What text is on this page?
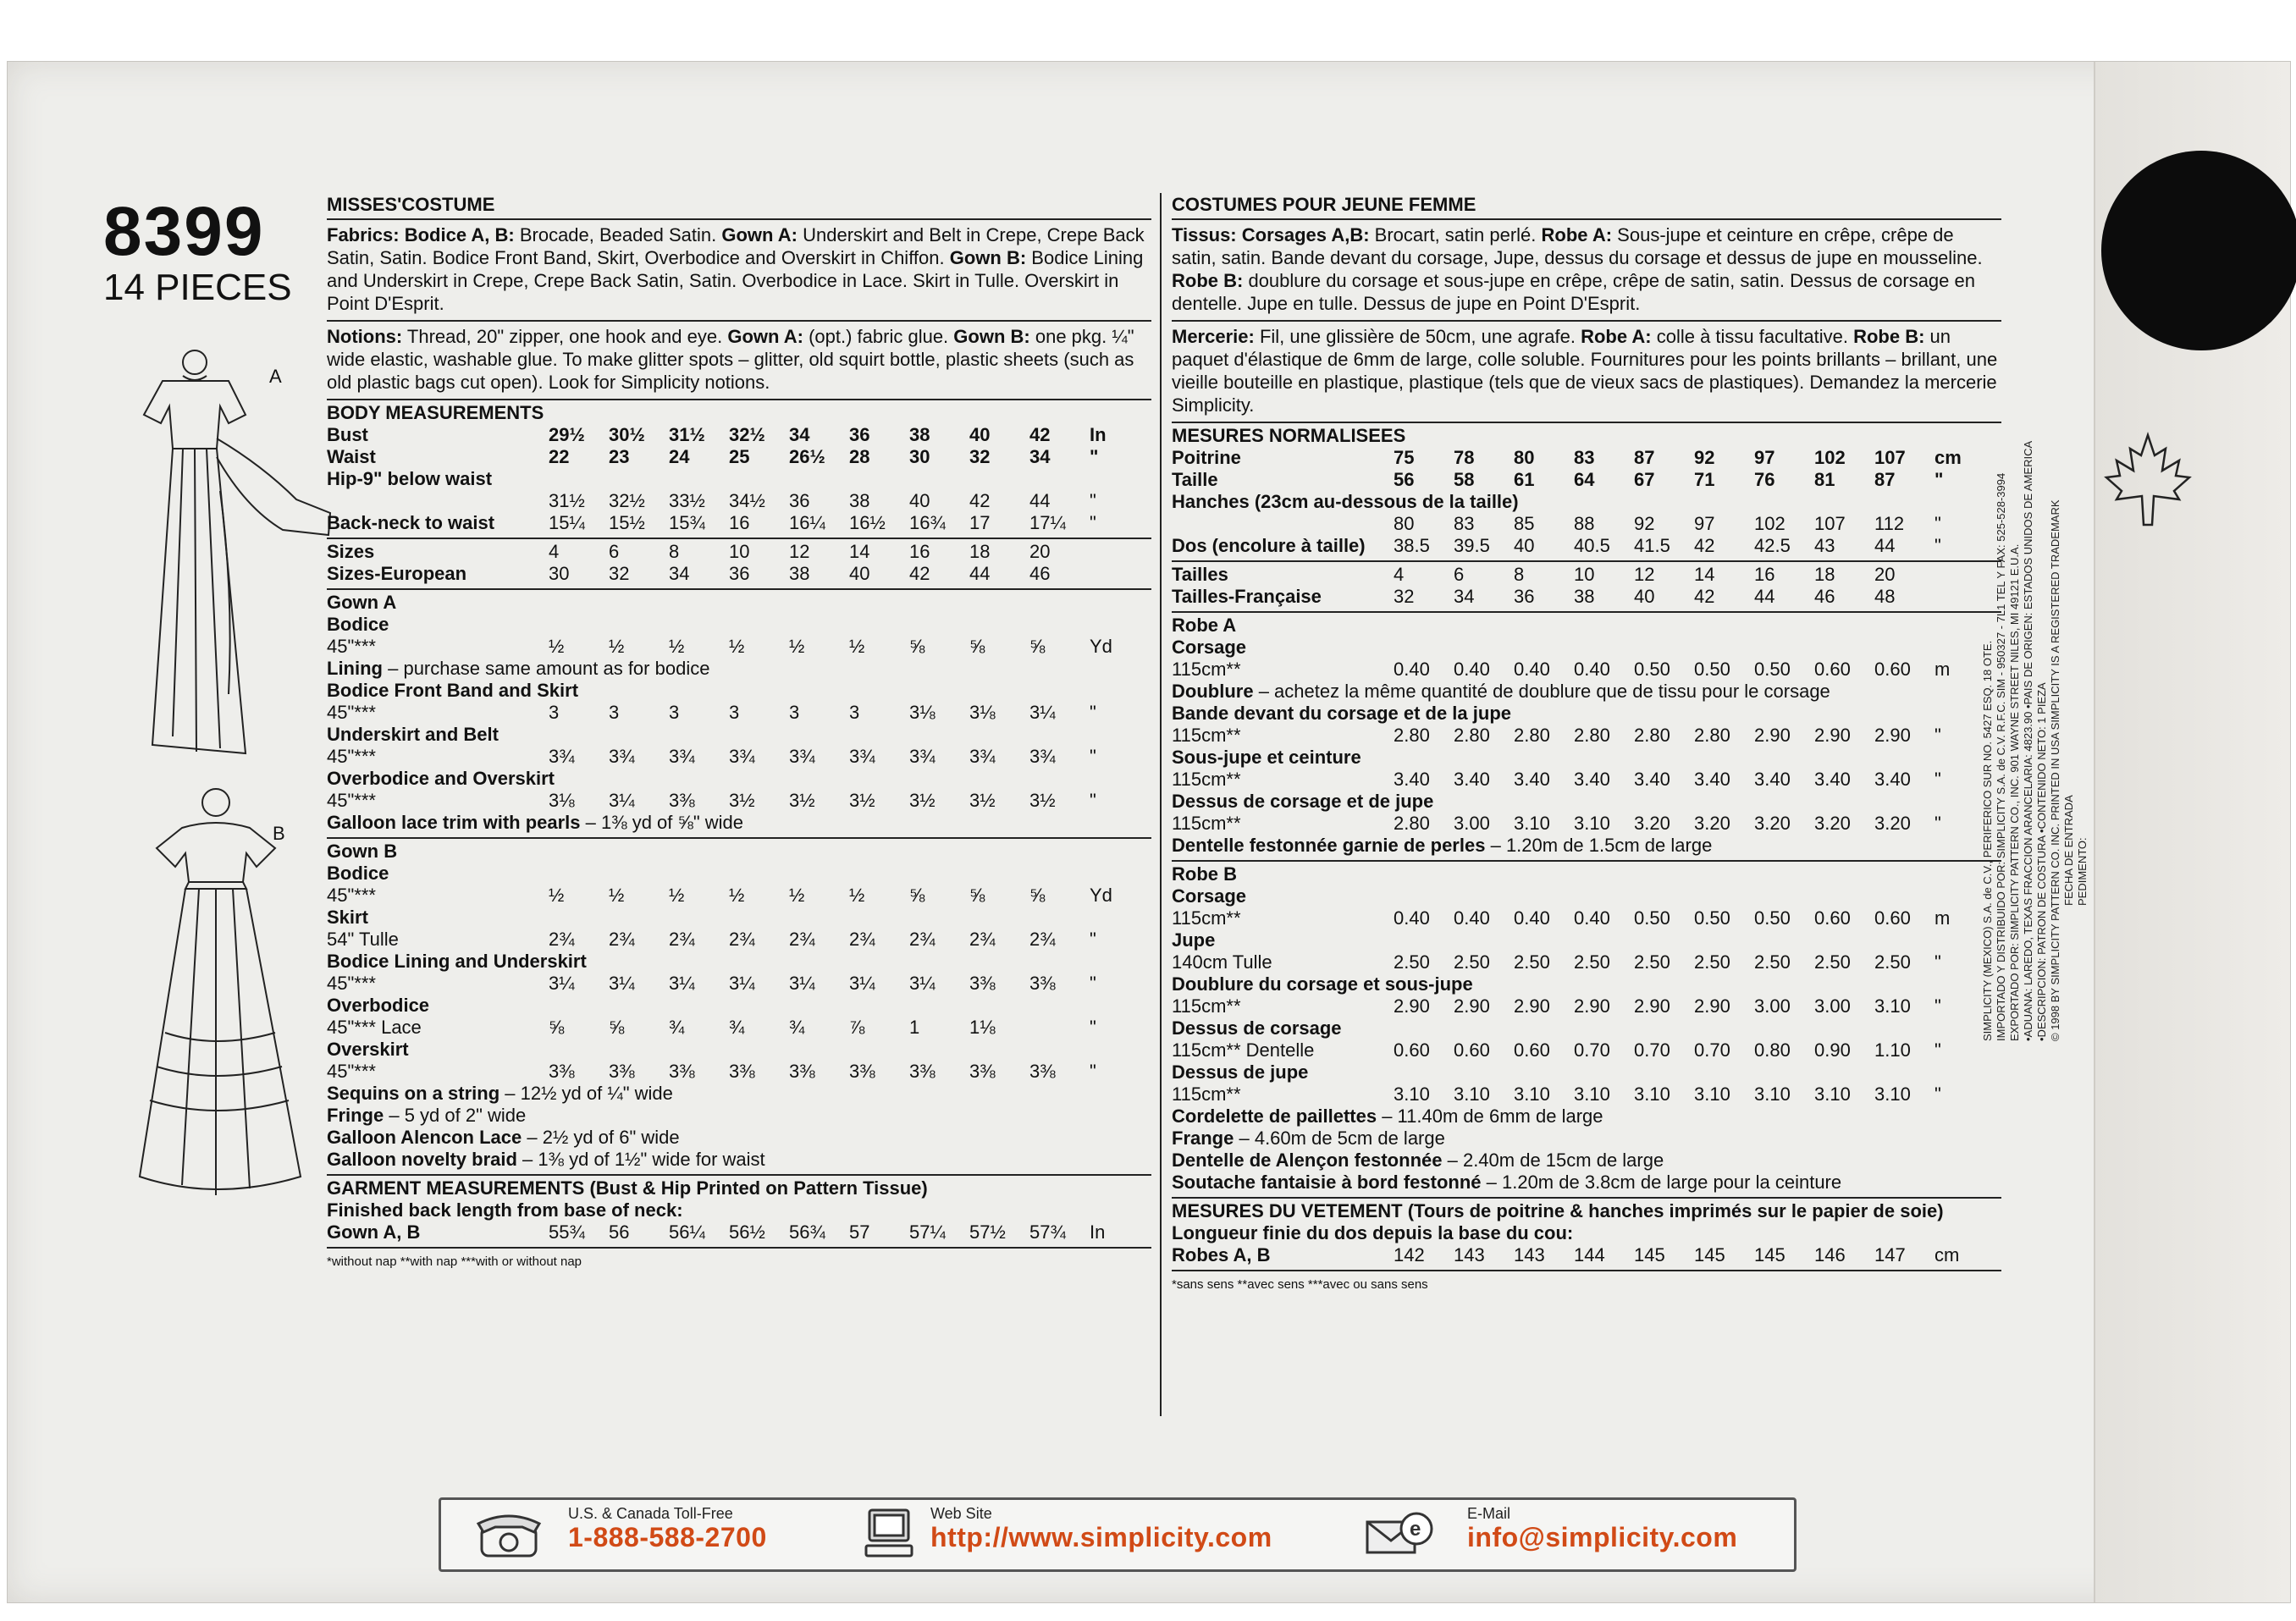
SIMPLICITY (MEXICO) S.A. de C.V., PERIFERICO SUR NO. 5427 ESQ. 18 OTE. IMPORTADO Y DISTRIBUIDO POR: SIMPLICITY S.A. de C.V. R.F.C. SIM - 950327 - 7L1 TEL Y FAX: 525-528-3994 EXPORTADO POR: SIMPLICITY PATTERN CO., INC. 901 WAYNE STREET NILES, MI 49121 E.U.A. •ADUANA: LAREDO, TEXAS FRACCION ARANCELARIA: 4823.90 •PAIS DE ORIGEN: ESTADOS UNIDOS DE AMERICA •DESCRIPCION: PATRON DE COSTURA •CONTENIDO NETO: 1 PIEZA © 1998 BY SIMPLICITY PATTERN CO. INC. PRINTED IN USA SIMPLICITY IS A REGISTERED TRADEMARK FECHA DE ENTRADA PEDIMENTO:
8399
14 PIECES
A
B
MISSES'COSTUME
Fabrics: Bodice A, B: Brocade, Beaded Satin. Gown A: Underskirt and Belt in Crepe, Crepe Back Satin, Satin. Bodice Front Band, Skirt, Overbodice and Overskirt in Chiffon. Gown B: Bodice Lining and Underskirt in Crepe, Crepe Back Satin, Satin. Overbodice in Lace. Skirt in Tulle. Overskirt in Point D'Esprit.
Notions: Thread, 20" zipper, one hook and eye. Gown A: (opt.) fabric glue. Gown B: one pkg. ¼" wide elastic, washable glue. To make glitter spots – glitter, old squirt bottle, plastic sheets (such as old plastic bags cut open). Look for Simplicity notions.
BODY MEASUREMENTS
Bust	29½	30½	31½	32½	34	36	38	40	42	In
Waist	22	23	24	25	26½	28	30	32	34	"
Hip-9" below waist
31½	32½	33½	34½	36	38	40	42	44	"
Back-neck to waist	15¼	15½	15¾	16	16¼	16½	16¾	17	17¼	"
Sizes	4	6	8	10	12	14	16	18	20
Sizes-European	30	32	34	36	38	40	42	44	46
Gown A
Bodice
45"***	½	½	½	½	½	½	⅝	⅝	⅝	Yd
Lining – purchase same amount as for bodice
Bodice Front Band and Skirt
45"***	3	3	3	3	3	3	3⅛	3⅛	3¼	"
Underskirt and Belt
45"***	3¾	3¾	3¾	3¾	3¾	3¾	3¾	3¾	3¾	"
Overbodice and Overskirt
45"***	3⅛	3¼	3⅜	3½	3½	3½	3½	3½	3½	"
Galloon lace trim with pearls – 1⅜ yd of ⅝" wide
Gown B
Bodice
45"***	½	½	½	½	½	½	⅝	⅝	⅝	Yd
Skirt
54" Tulle	2¾	2¾	2¾	2¾	2¾	2¾	2¾	2¾	2¾	"
Bodice Lining and Underskirt
45"***	3¼	3¼	3¼	3¼	3¼	3¼	3¼	3⅜	3⅜	"
Overbodice
45"*** Lace	⅝	⅝	¾	¾	¾	⅞	1	1⅛	"
Overskirt
45"***	3⅜	3⅜	3⅜	3⅜	3⅜	3⅜	3⅜	3⅜	3⅜	"
Sequins on a string – 12½ yd of ¼" wide
Fringe – 5 yd of 2" wide
Galloon Alencon Lace – 2½ yd of 6" wide
Galloon novelty braid – 1⅜ yd of 1½" wide for waist
GARMENT MEASUREMENTS (Bust & Hip Printed on Pattern Tissue)
Finished back length from base of neck:
Gown A, B	55¾	56	56¼	56½	56¾	57	57¼	57½	57¾	In
*without nap **with nap ***with or without nap
COSTUMES POUR JEUNE FEMME
Tissus: Corsages A,B: Brocart, satin perlé. Robe A: Sous-jupe et ceinture en crêpe, crêpe de satin, satin. Bande devant du corsage, Jupe, dessus du corsage et dessus de jupe en mousseline. Robe B: doublure du corsage et sous-jupe en crêpe, crêpe de satin, satin. Dessus de corsage en dentelle. Jupe en tulle. Dessus de jupe en Point D'Esprit.
Mercerie: Fil, une glissière de 50cm, une agrafe. Robe A: colle à tissu facultative. Robe B: un paquet d'élastique de 6mm de large, colle soluble. Fournitures pour les points brillants – brillant, une vieille bouteille en plastique, plastique (tels que de vieux sacs de plastiques). Demandez la mercerie Simplicity.
MESURES NORMALISEES
Poitrine	75	78	80	83	87	92	97	102	107	cm
Taille	56	58	61	64	67	71	76	81	87	"
Hanches (23cm au-dessous de la taille)
80	83	85	88	92	97	102	107	112	"
Dos (encolure à taille)	38.5	39.5	40	40.5	41.5	42	42.5	43	44	"
Tailles	4	6	8	10	12	14	16	18	20
Tailles-Française	32	34	36	38	40	42	44	46	48
Robe A
Corsage
115cm**	0.40	0.40	0.40	0.40	0.50	0.50	0.50	0.60	0.60	m
Doublure – achetez la même quantité de doublure que de tissu pour le corsage
Bande devant du corsage et de la jupe
115cm**	2.80	2.80	2.80	2.80	2.80	2.80	2.90	2.90	2.90	"
Sous-jupe et ceinture
115cm**	3.40	3.40	3.40	3.40	3.40	3.40	3.40	3.40	3.40	"
Dessus de corsage et de jupe
115cm**	2.80	3.00	3.10	3.10	3.20	3.20	3.20	3.20	3.20	"
Dentelle festonnée garnie de perles – 1.20m de 1.5cm de large
Robe B
Corsage
115cm**	0.40	0.40	0.40	0.40	0.50	0.50	0.50	0.60	0.60	m
Jupe
140cm Tulle	2.50	2.50	2.50	2.50	2.50	2.50	2.50	2.50	2.50	"
Doublure du corsage et sous-jupe
115cm**	2.90	2.90	2.90	2.90	2.90	2.90	3.00	3.00	3.10	"
Dessus de corsage
115cm** Dentelle	0.60	0.60	0.60	0.70	0.70	0.70	0.80	0.90	1.10	"
Dessus de jupe
115cm**	3.10	3.10	3.10	3.10	3.10	3.10	3.10	3.10	3.10	"
Cordelette de paillettes – 11.40m de 6mm de large
Frange – 4.60m de 5cm de large
Dentelle de Alençon festonnée – 2.40m de 15cm de large
Soutache fantaisie à bord festonné – 1.20m de 3.8cm de large pour la ceinture
MESURES DU VETEMENT (Tours de poitrine & hanches imprimés sur le papier de soie)
Longueur finie du dos depuis la base du cou:
Robes A, B	142	143	143	144	145	145	145	146	147	cm
*sans sens **avec sens ***avec ou sans sens
U.S. & Canada Toll-Free
1-888-588-2700
Web Site
http://www.simplicity.com	e
E-Mail
info@simplicity.com
